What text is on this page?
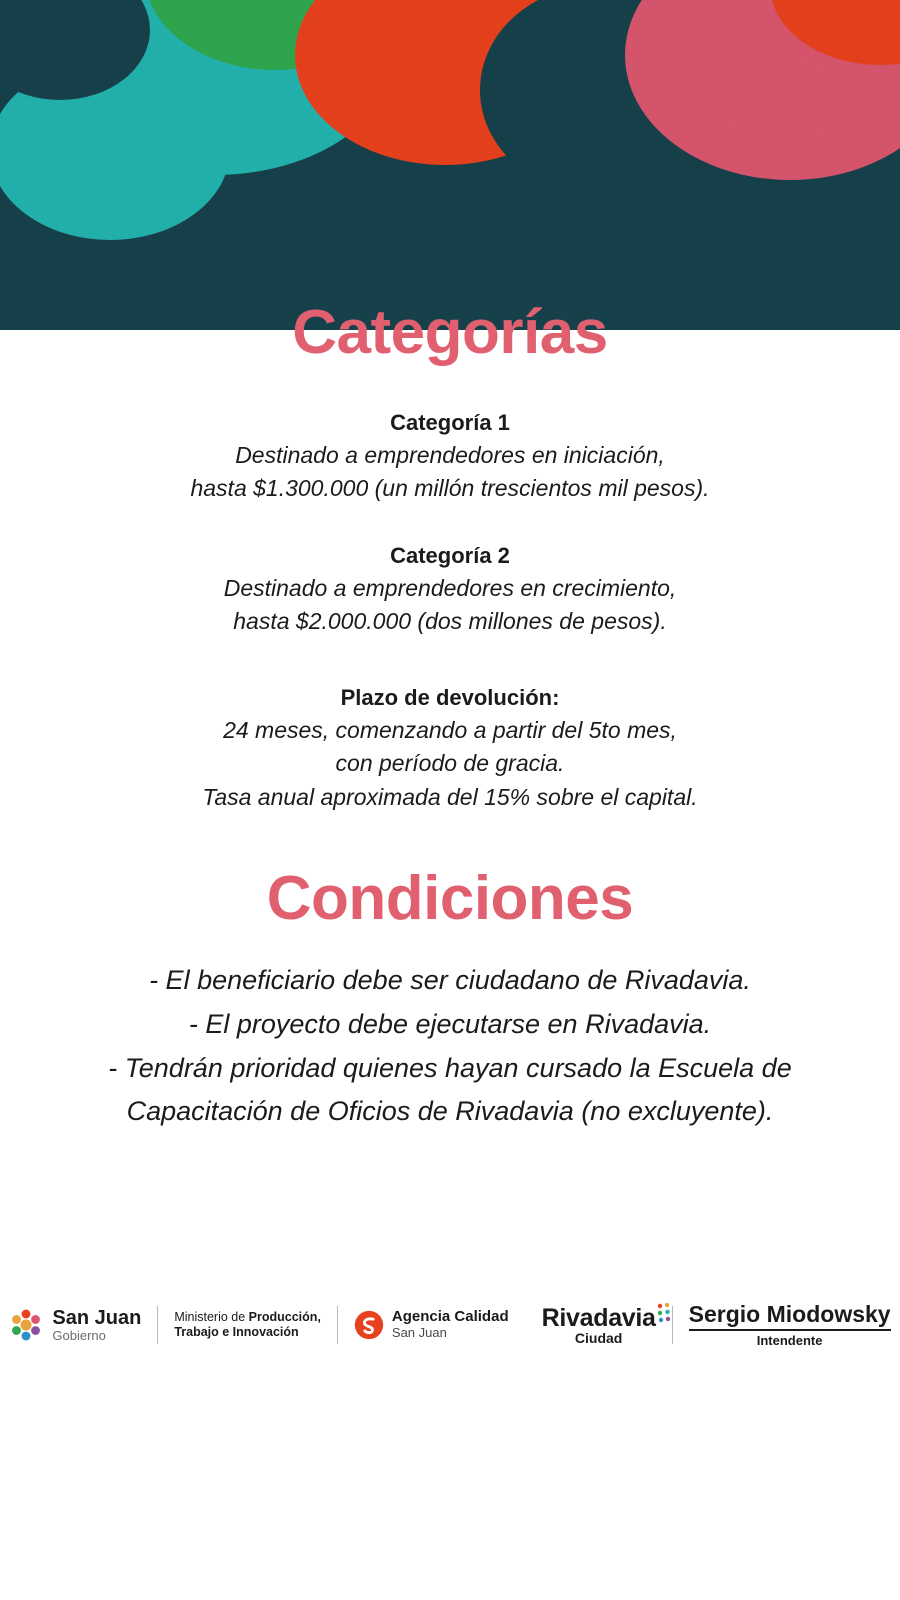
Categorías
Categoría 1
Destinado a emprendedores en iniciación,
hasta $1.300.000 (un millón trescientos mil pesos).
Categoría 2
Destinado a emprendedores en crecimiento,
hasta $2.000.000 (dos millones de pesos).
Plazo de devolución:
24 meses, comenzando a partir del 5to mes,
con período de gracia.
Tasa anual aproximada del 15% sobre el capital.
Condiciones
- El beneficiario debe ser ciudadano de Rivadavia.
- El proyecto debe ejecutarse en Rivadavia.
- Tendrán prioridad quienes hayan cursado la Escuela de
Capacitación de Oficios de Rivadavia (no excluyente).
San Juan
Gobierno
Ministerio de Producción,
Trabajo e Innovación
Agencia Calidad
San Juan
Rivadavia
Ciudad
Sergio Miodowsky
Intendente
